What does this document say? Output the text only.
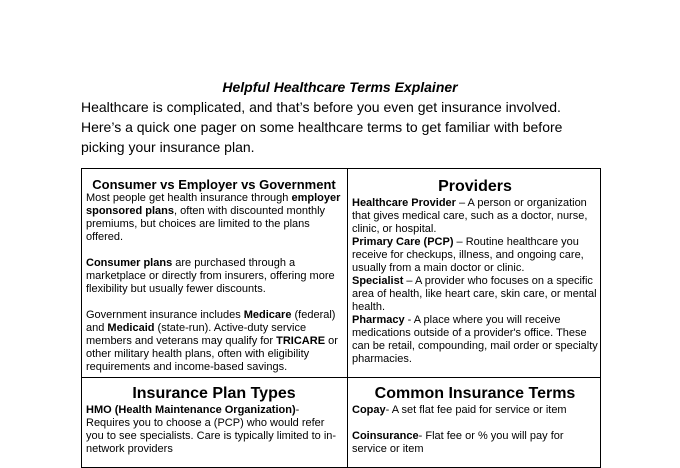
Helpful Healthcare Terms Explainer
Healthcare is complicated, and that’s before you even get insurance involved. Here’s a quick one pager on some healthcare terms to get familiar with before picking your insurance plan.
Consumer vs Employer vs Government

Most people get health insurance through employer sponsored plans, often with discounted monthly premiums, but choices are limited to the plans offered.

Consumer plans are purchased through a marketplace or directly from insurers, offering more flexibility but usually fewer discounts.

Government insurance includes Medicare (federal) and Medicaid (state-run). Active-duty service members and veterans may qualify for TRICARE or other military health plans, often with eligibility requirements and income-based savings.

Providers

Healthcare Provider – A person or organization that gives medical care, such as a doctor, nurse, clinic, or hospital.

Primary Care (PCP) – Routine healthcare you receive for checkups, illness, and ongoing care, usually from a main doctor or clinic.

Specialist – A provider who focuses on a specific area of health, like heart care, skin care, or mental health.

Pharmacy - A place where you will receive medications outside of a provider's office. These can be retail, compounding, mail order or specialty pharmacies.

Insurance Plan Types

HMO (Health Maintenance Organization)- Requires you to choose a (PCP) who would refer you to see specialists. Care is typically limited to in-network providers

Common Insurance Terms

Copay- A set flat fee paid for service or item

Coinsurance- Flat fee or % you will pay for service or item
